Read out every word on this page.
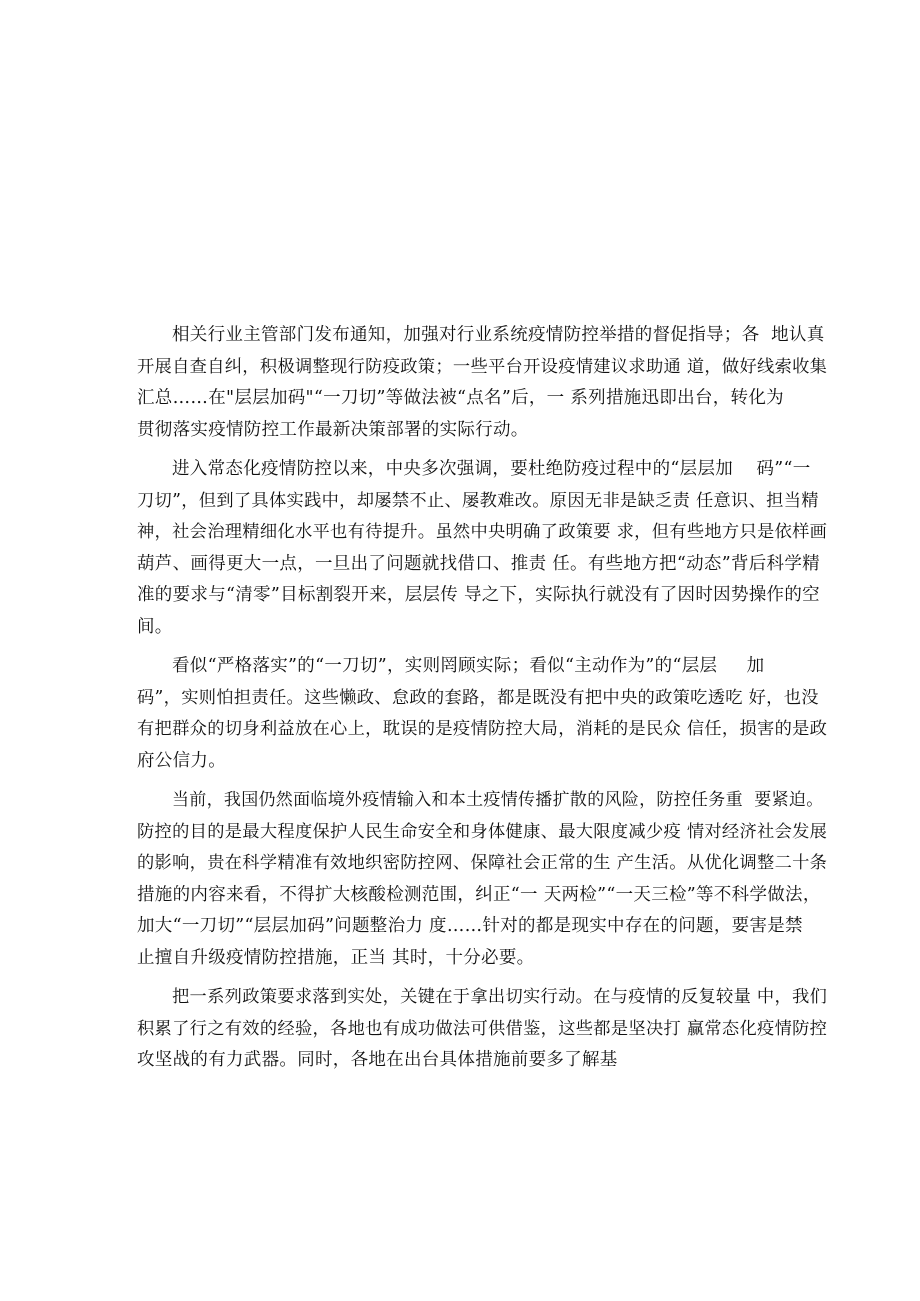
相关行业主管部门发布通知，加强对行业系统疫情防控举措的督促指导；各  地认真
开展自查自纠，积极调整现行防疫政策；一些平台开设疫情建议求助通 道，做好线索收集
汇总……在"层层加码"“一刀切”等做法被“点名”后，一 系列措施迅即出台，转化为
贯彻落实疫情防控工作最新决策部署的实际行动。
进入常态化疫情防控以来，中央多次强调，要杜绝防疫过程中的“层层加    码”“一
刀切”，但到了具体实践中，却屡禁不止、屡教难改。原因无非是缺乏责 任意识、担当精
神，社会治理精细化水平也有待提升。虽然中央明确了政策要 求，但有些地方只是依样画
葫芦、画得更大一点，一旦出了问题就找借口、推责 任。有些地方把“动态”背后科学精
准的要求与“清零”目标割裂开来，层层传 导之下，实际执行就没有了因时因势操作的空
间。
看似“严格落实”的“一刀切”，实则罔顾实际；看似“主动作为”的“层层     加
码”，实则怕担责任。这些懒政、怠政的套路，都是既没有把中央的政策吃透吃 好，也没
有把群众的切身利益放在心上，耽误的是疫情防控大局，消耗的是民众 信任，损害的是政
府公信力。
当前，我国仍然面临境外疫情输入和本土疫情传播扩散的风险，防控任务重  要紧迫。
防控的目的是最大程度保护人民生命安全和身体健康、最大限度减少疫 情对经济社会发展
的影响，贵在科学精准有效地织密防控网、保障社会正常的生 产生活。从优化调整二十条
措施的内容来看，不得扩大核酸检测范围，纠正“一 天两检”“一天三检”等不科学做法，
加大“一刀切”“层层加码”问题整治力 度……针对的都是现实中存在的问题，要害是禁
止擅自升级疫情防控措施，正当 其时，十分必要。
把一系列政策要求落到实处，关键在于拿出切实行动。在与疫情的反复较量 中，我们
积累了行之有效的经验，各地也有成功做法可供借鉴，这些都是坚决打 赢常态化疫情防控
攻坚战的有力武器。同时，各地在出台具体措施前要多了解基
